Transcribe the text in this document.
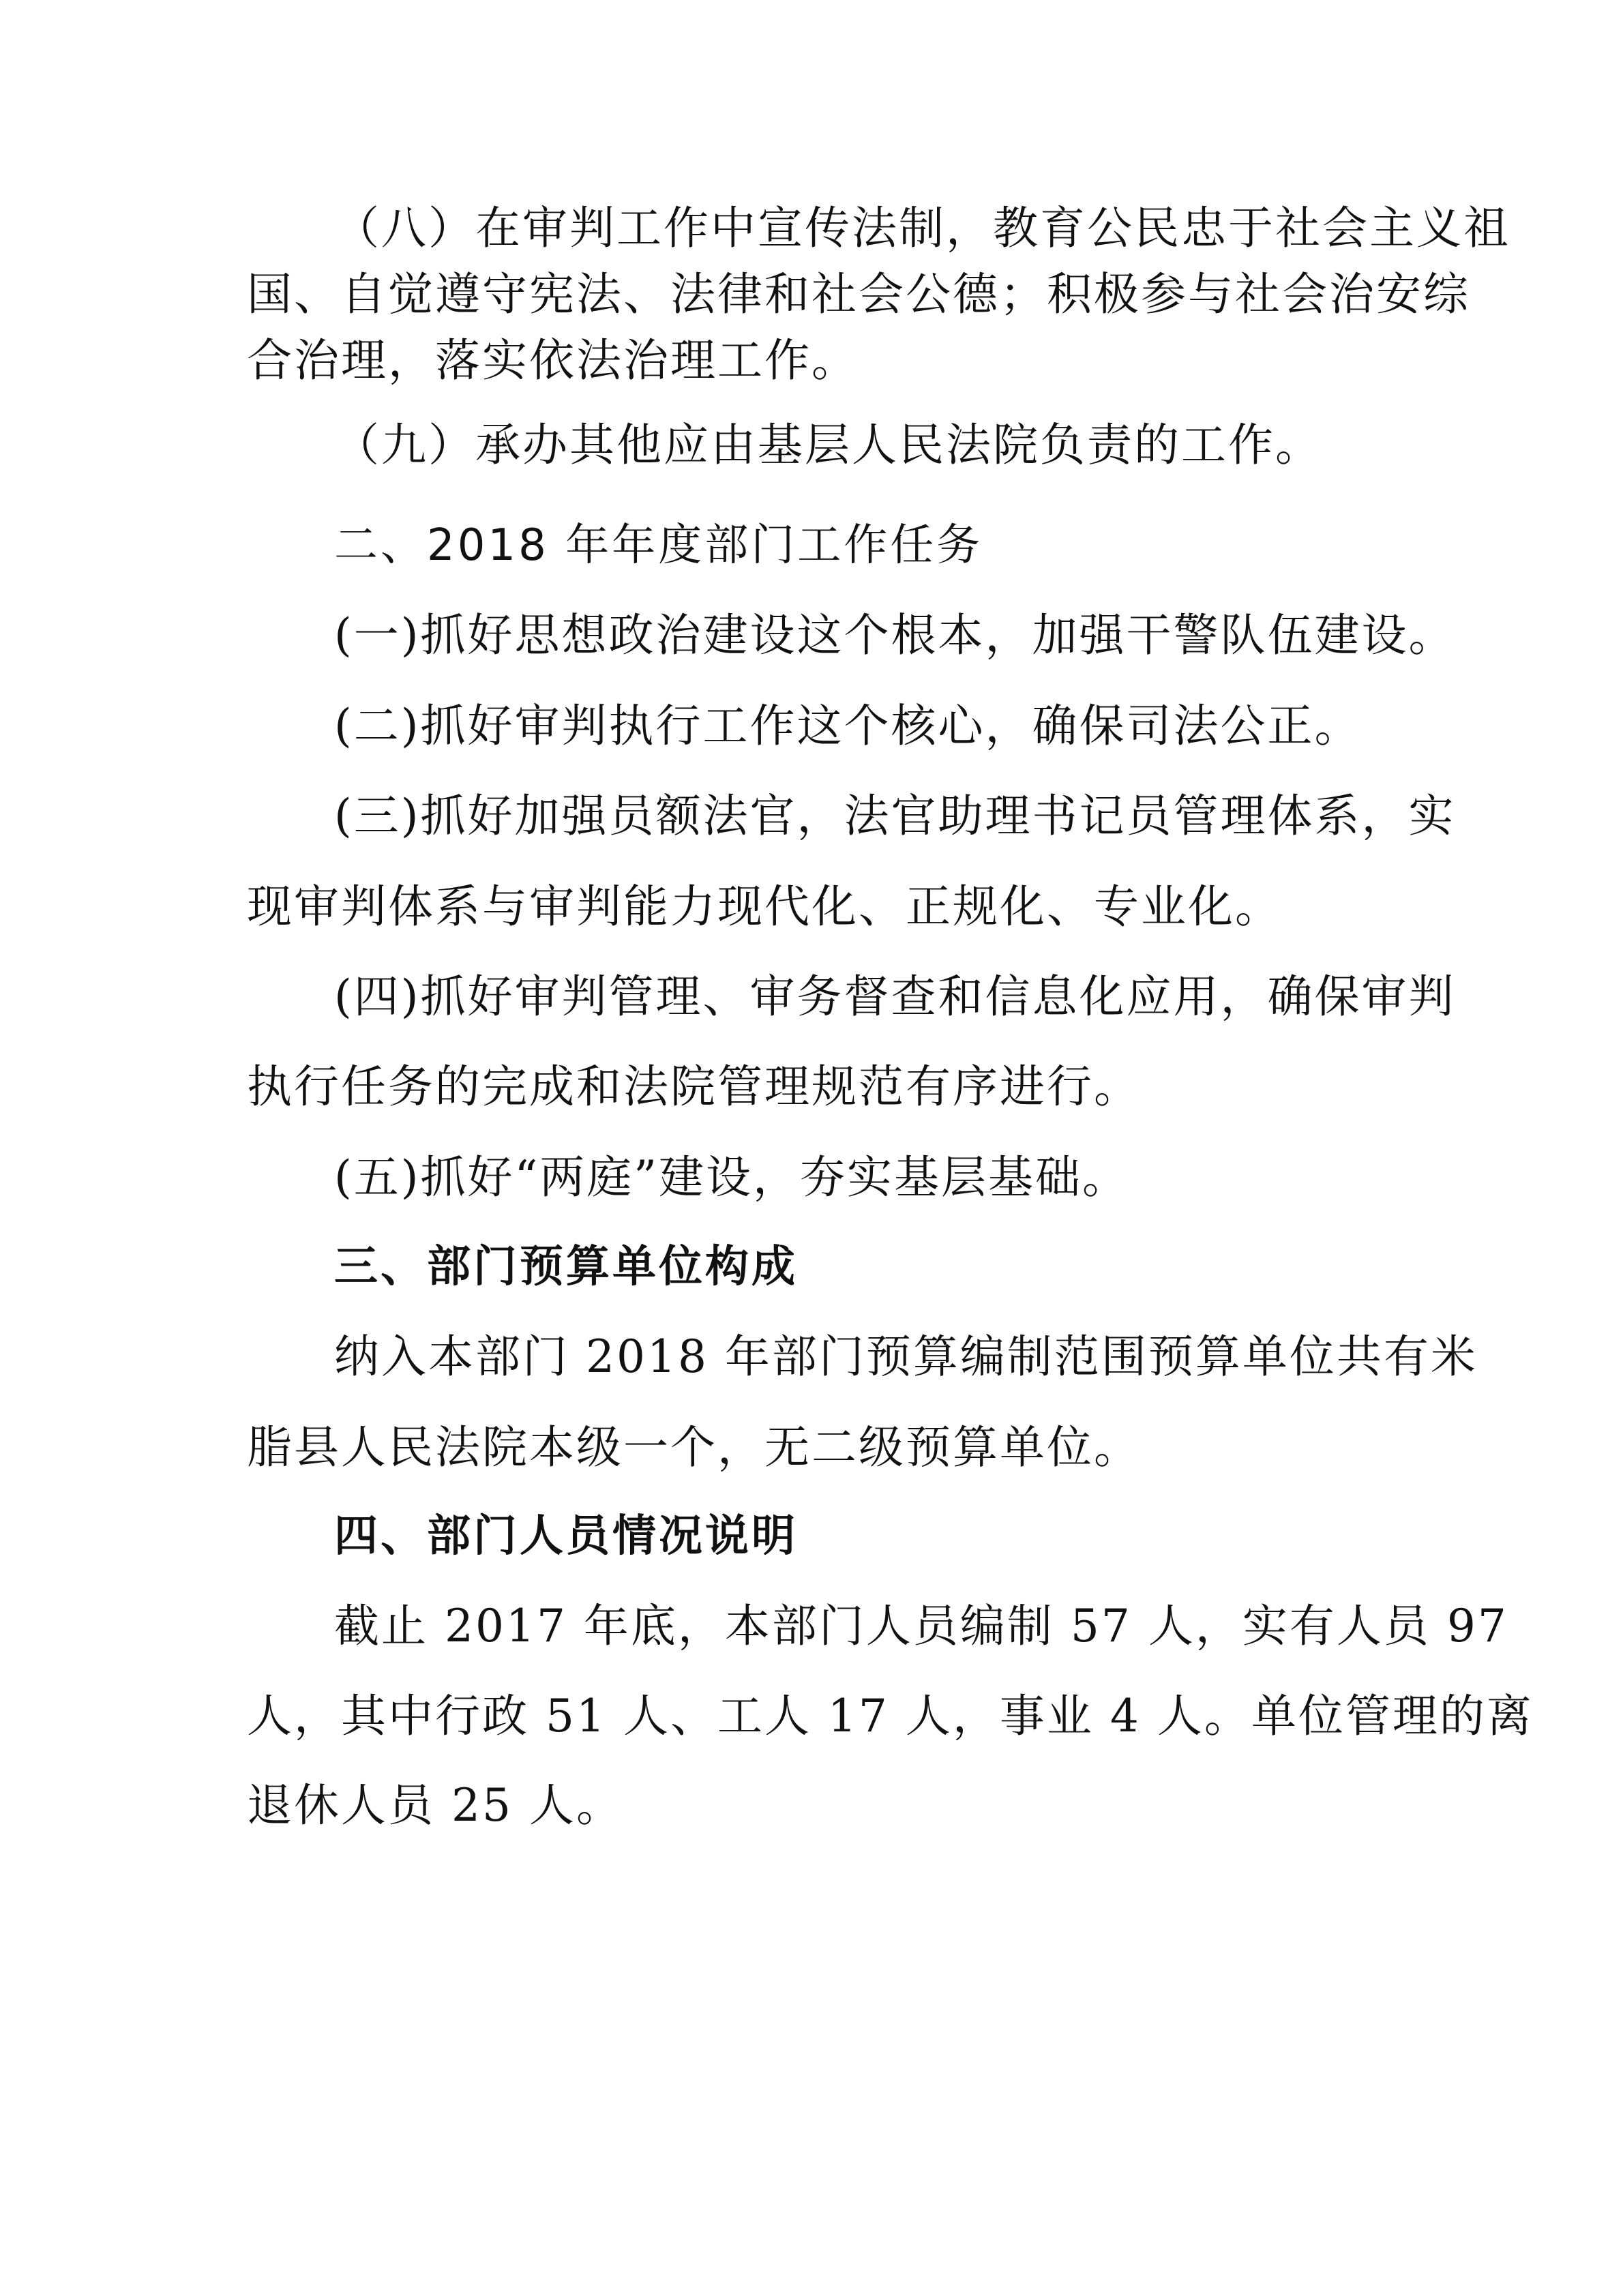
（八）在审判工作中宣传法制，教育公民忠于社会主义祖
国、自觉遵守宪法、法律和社会公德；积极参与社会治安综
合治理，落实依法治理工作。
（九）承办其他应由基层人民法院负责的工作。
二、2018 年年度部门工作任务
(一)抓好思想政治建设这个根本，加强干警队伍建设。
(二)抓好审判执行工作这个核心，确保司法公正。
(三)抓好加强员额法官，法官助理书记员管理体系，实
现审判体系与审判能力现代化、正规化、专业化。
(四)抓好审判管理、审务督查和信息化应用，确保审判
执行任务的完成和法院管理规范有序进行。
(五)抓好“两庭”建设，夯实基层基础。
三、部门预算单位构成
纳入本部门 2018 年部门预算编制范围预算单位共有米
脂县人民法院本级一个，无二级预算单位。
四、部门人员情况说明
截止 2017 年底，本部门人员编制 57 人，实有人员 97
人，其中行政 51 人、工人 17 人，事业 4 人。单位管理的离
退休人员 25 人。
